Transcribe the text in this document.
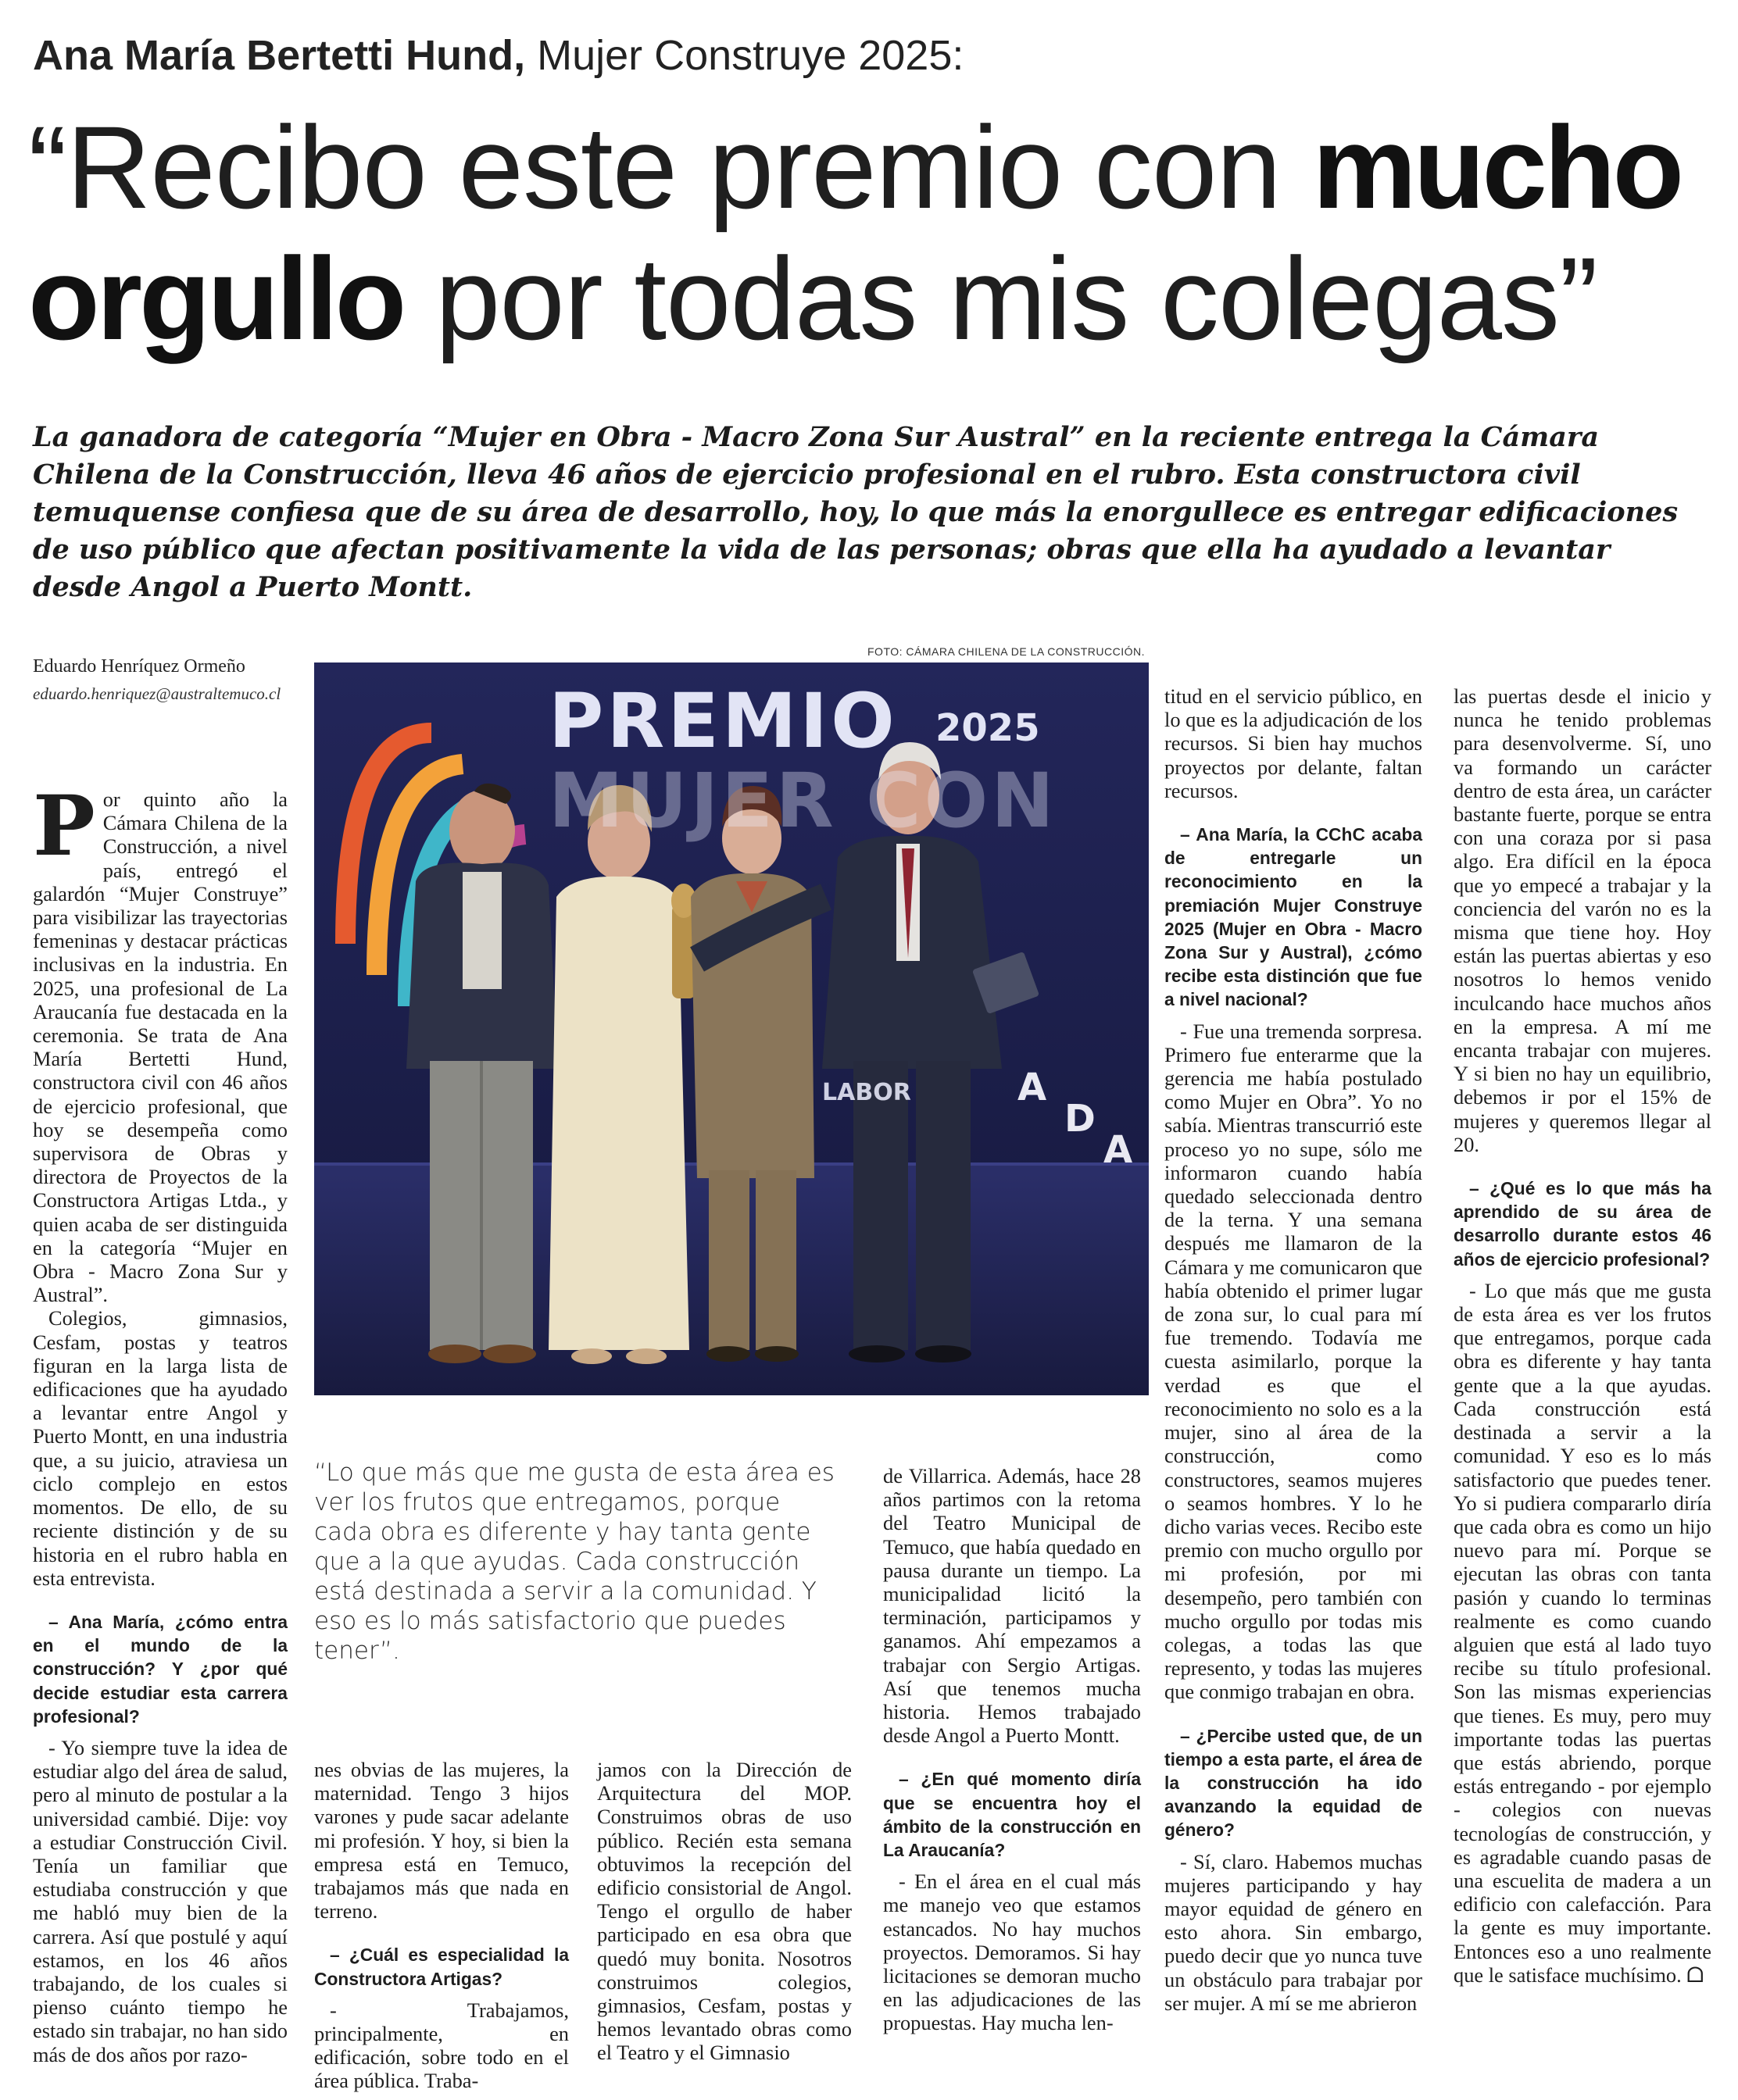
Ana María Bertetti Hund, Mujer Construye 2025:
“Recibo este premio con mucho
orgullo por todas mis colegas”
La ganadora de categoría “Mujer en Obra - Macro Zona Sur Austral” en la reciente entrega la Cámara Chilena de la Construcción, lleva 46 años de ejercicio profesional en el rubro. Esta constructora civil temuquense confiesa que de su área de desarrollo, hoy, lo que más la enorgullece es entregar edificaciones de uso público que afectan positivamente la vida de las personas; obras que ella ha ayudado a levantar desde Angol a Puerto Montt.
Eduardo Henríquez Ormeño
eduardo.henriquez@australtemuco.cl
FOTO: CÁMARA CHILENA DE LA CONSTRUCCIÓN.
A
D
A
PREMIO 2025
MUJER CON
LABOR

Por quinto año la Cámara Chilena de la Construcción, a nivel país, entregó el galardón “Mujer Construye” para visibilizar las trayectorias femeninas y destacar prácticas inclusivas en la industria. En 2025, una profesional de La Araucanía fue destacada en la ceremonia. Se trata de Ana María Bertetti Hund, constructora civil con 46 años de ejercicio profesional, que hoy se desempeña como supervisora de Obras y directora de Proyectos de la Constructora Artigas Ltda., y quien acaba de ser distinguida en la categoría “Mujer en Obra - Macro Zona Sur y Austral”.

Colegios, gimnasios, Cesfam, postas y teatros figuran en la larga lista de edificaciones que ha ayudado a levantar entre Angol y Puerto Montt, en una industria que, a su juicio, atraviesa un ciclo complejo en estos momentos. De ello, de su reciente distinción y de su historia en el rubro habla en esta entrevista.

– Ana María, ¿cómo entra en el mundo de la construcción? Y ¿por qué decide estudiar esta carrera profesional?

- Yo siempre tuve la idea de estudiar algo del área de salud, pero al minuto de postular a la universidad cambié. Dije: voy a estudiar Construcción Civil. Tenía un familiar que estudiaba construcción y que me habló muy bien de la carrera. Así que postulé y aquí estamos, en los 46 años trabajando, de los cuales si pienso cuánto tiempo he estado sin trabajar, no han sido más de dos años por razo-

“Lo que más que me gusta de esta área es ver los frutos que entregamos, porque cada obra es diferente y hay tanta gente que a la que ayudas. Cada construcción está destinada a servir a la comunidad. Y eso es lo más satisfactorio que puedes tener”.

nes obvias de las mujeres, la maternidad. Tengo 3 hijos varones y pude sacar adelante mi profesión. Y hoy, si bien la empresa está en Temuco, trabajamos más que nada en terreno.

– ¿Cuál es especialidad la Constructora Artigas?

- Trabajamos, principalmente, en edificación, sobre todo en el área pública. Traba-

jamos con la Dirección de Arquitectura del MOP. Construimos obras de uso público. Recién esta semana obtuvimos la recepción del edificio consistorial de Angol. Tengo el orgullo de haber participado en esa obra que quedó muy bonita. Nosotros construimos colegios, gimnasios, Cesfam, postas y hemos levantado obras como el Teatro y el Gimnasio

de Villarrica. Además, hace 28 años partimos con la retoma del Teatro Municipal de Temuco, que había quedado en pausa durante un tiempo. La municipalidad licitó la terminación, participamos y ganamos. Ahí empezamos a trabajar con Sergio Artigas. Así que tenemos mucha historia. Hemos trabajado desde Angol a Puerto Montt.

– ¿En qué momento diría que se encuentra hoy el ámbito de la construcción en La Araucanía?

- En el área en el cual más me manejo veo que estamos estancados. No hay muchos proyectos. Demoramos. Si hay licitaciones se demoran mucho en las adjudicaciones de las propuestas. Hay mucha len-

titud en el servicio público, en lo que es la adjudicación de los recursos. Si bien hay muchos proyectos por delante, faltan recursos.

– Ana María, la CChC acaba de entregarle un reconocimiento en la premiación Mujer Construye 2025 (Mujer en Obra - Macro Zona Sur y Austral), ¿cómo recibe esta distinción que fue a nivel nacional?

- Fue una tremenda sorpresa. Primero fue enterarme que la gerencia me había postulado como Mujer en Obra”. Yo no sabía. Mientras transcurrió este proceso yo no supe, sólo me informaron cuando había quedado seleccionada dentro de la terna. Y una semana después me llamaron de la Cámara y me comunicaron que había obtenido el primer lugar de zona sur, lo cual para mí fue tremendo. Todavía me cuesta asimilarlo, porque la verdad es que el reconocimiento no solo es a la mujer, sino al área de la construcción, como constructores, seamos mujeres o seamos hombres. Y lo he dicho varias veces. Recibo este premio con mucho orgullo por mi profesión, por mi desempeño, pero también con mucho orgullo por todas mis colegas, a todas las que represento, y todas las mujeres que conmigo trabajan en obra.

– ¿Percibe usted que, de un tiempo a esta parte, el área de la construcción ha ido avanzando la equidad de género?

- Sí, claro. Habemos muchas mujeres participando y hay mayor equidad de género en esto ahora. Sin embargo, puedo decir que yo nunca tuve un obstáculo para trabajar por ser mujer. A mí se me abrieron

las puertas desde el inicio y nunca he tenido problemas para desenvolverme. Sí, uno va formando un carácter dentro de esta área, un carácter bastante fuerte, porque se entra con una coraza por si pasa algo. Era difícil en la época que yo empecé a trabajar y la conciencia del varón no es la misma que tiene hoy. Hoy están las puertas abiertas y eso nosotros lo hemos venido inculcando hace muchos años en la empresa. A mí me encanta trabajar con mujeres. Y si bien no hay un equilibrio, debemos ir por el 15% de mujeres y queremos llegar al 20.

– ¿Qué es lo que más ha aprendido de su área de desarrollo durante estos 46 años de ejercicio profesional?

- Lo que más que me gusta de esta área es ver los frutos que entregamos, porque cada obra es diferente y hay tanta gente que a la que ayudas. Cada construcción está destinada a servir a la comunidad. Y eso es lo más satisfactorio que puedes tener. Yo si pudiera compararlo diría que cada obra es como un hijo nuevo para mí. Porque se ejecutan las obras con tanta pasión y cuando lo terminas realmente es como cuando alguien que está al lado tuyo recibe su título profesional. Son las mismas experiencias que tienes. Es muy, pero muy importante todas las puertas que estás abriendo, porque estás entregando - por ejemplo - colegios con nuevas tecnologías de construcción, y es agradable cuando pasas de una escuelita de madera a un edificio con calefacción. Para la gente es muy importante. Entonces eso a uno realmente que le satisface muchísimo. ᗝ
